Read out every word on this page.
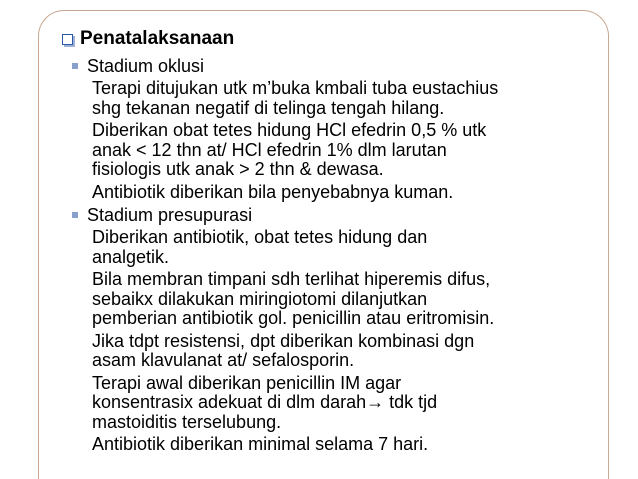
Penatalaksanaan
Stadium oklusi
Terapi ditujukan utk m’buka kmbali tuba eustachius
shg tekanan negatif di telinga tengah hilang.
Diberikan obat tetes hidung HCl efedrin 0,5 % utk
anak < 12 thn at/ HCl efedrin 1% dlm larutan
fisiologis utk anak > 2 thn & dewasa.
Antibiotik diberikan bila penyebabnya kuman.
Stadium presupurasi
Diberikan antibiotik, obat tetes hidung dan
analgetik.
Bila membran timpani sdh terlihat hiperemis difus,
sebaikx dilakukan miringiotomi dilanjutkan
pemberian antibiotik gol. penicillin atau eritromisin.
Jika tdpt resistensi, dpt diberikan kombinasi dgn
asam klavulanat at/ sefalosporin.
Terapi awal diberikan penicillin IM agar
konsentrasix adekuat di dlm darah→ tdk tjd
mastoiditis terselubung.
Antibiotik diberikan minimal selama 7 hari.
